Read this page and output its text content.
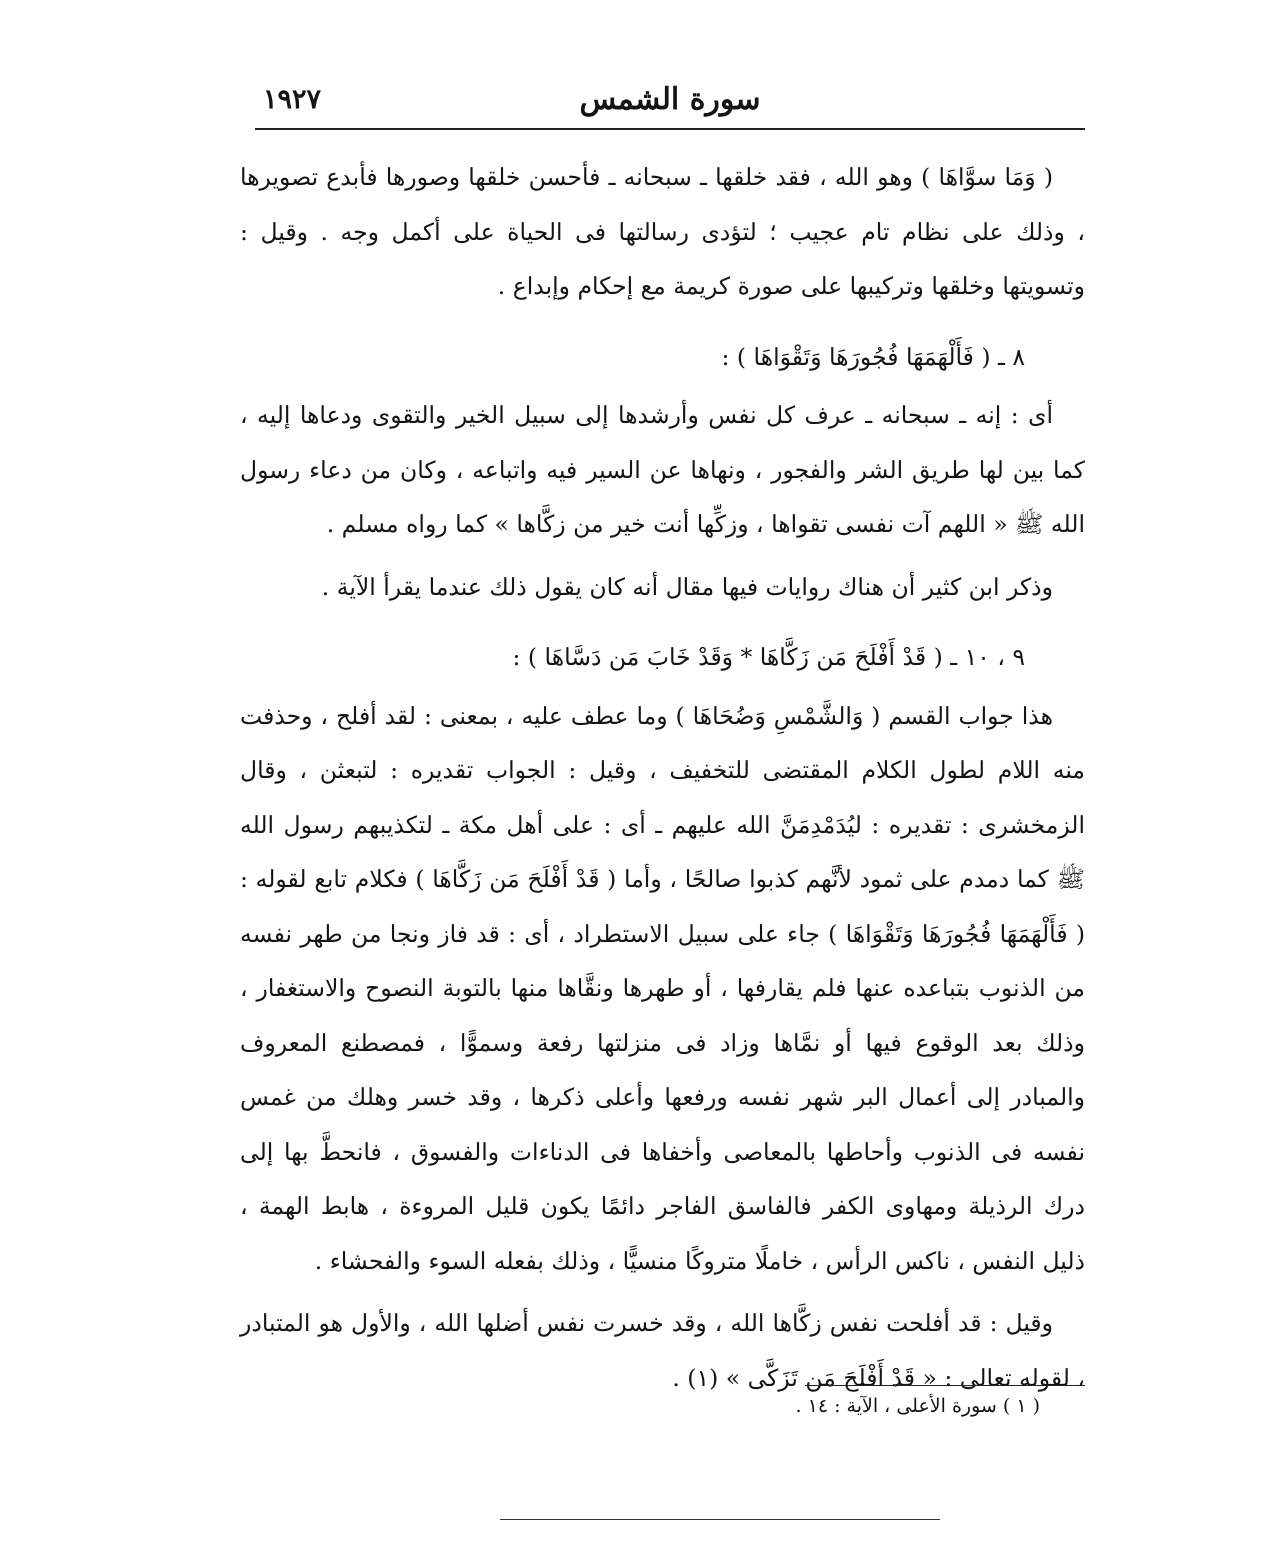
سورة الشمس
١٩٢٧

( وَمَا سوَّاهَا ) وهو الله ، فقد خلقها ـ سبحانه ـ فأحسن خلقها وصورها فأبدع تصويرها ، وذلك على نظام تام عجيب ؛ لتؤدى رسالتها فى الحياة على أكمل وجه . وقيل : وتسويتها وخلقها وتركيبها على صورة كريمة مع إحكام وإبداع .

٨ ـ ( فَأَلْهَمَهَا فُجُورَهَا وَتَقْوَاهَا ) :

أى : إنه ـ سبحانه ـ عرف كل نفس وأرشدها إلى سبيل الخير والتقوى ودعاها إليه ، كما بين لها طريق الشر والفجور ، ونهاها عن السير فيه واتباعه ، وكان من دعاء رسول الله ﷺ « اللهم آت نفسى تقواها ، وزكِّها أنت خير من زكَّاها » كما رواه مسلم .

وذكر ابن كثير أن هناك روايات فيها مقال أنه كان يقول ذلك عندما يقرأ الآية .

٩ ، ١٠ ـ ( قَدْ أَفْلَحَ مَن زَكَّاهَا * وَقَدْ خَابَ مَن دَسَّاهَا ) :

هذا جواب القسم ( وَالشَّمْسِ وَضُحَاهَا ) وما عطف عليه ، بمعنى : لقد أفلح ، وحذفت منه اللام لطول الكلام المقتضى للتخفيف ، وقيل : الجواب تقديره : لتبعثن ، وقال الزمخشرى : تقديره : ليُدَمْدِمَنَّ الله عليهم ـ أى : على أهل مكة ـ لتكذيبهم رسول الله ﷺ كما دمدم على ثمود لأنَّهم كذبوا صالحًا ، وأما ( قَدْ أَفْلَحَ مَن زَكَّاهَا ) فكلام تابع لقوله : ( فَأَلْهَمَهَا فُجُورَهَا وَتَقْوَاهَا ) جاء على سبيل الاستطراد ، أى : قد فاز ونجا من طهر نفسه من الذنوب بتباعده عنها فلم يقارفها ، أو طهرها ونقَّاها منها بالتوبة النصوح والاستغفار ، وذلك بعد الوقوع فيها أو نمَّاها وزاد فى منزلتها رفعة وسموًّا ، فمصطنع المعروف والمبادر إلى أعمال البر شهر نفسه ورفعها وأعلى ذكرها ، وقد خسر وهلك من غمس نفسه فى الذنوب وأحاطها بالمعاصى وأخفاها فى الدناءات والفسوق ، فانحطَّ بها إلى درك الرذيلة ومهاوى الكفر فالفاسق الفاجر دائمًا يكون قليل المروءة ، هابط الهمة ، ذليل النفس ، ناكس الرأس ، خاملًا متروكًا منسيًّا ، وذلك بفعله السوء والفحشاء .

وقيل : قد أفلحت نفس زكَّاها الله ، وقد خسرت نفس أضلها الله ، والأول هو المتبادر ، لقوله تعالى : « قَدْ أَفْلَحَ مَن تَزَكَّى » (١) .

( ١ ) سورة الأعلى ، الآية : ١٤ .
